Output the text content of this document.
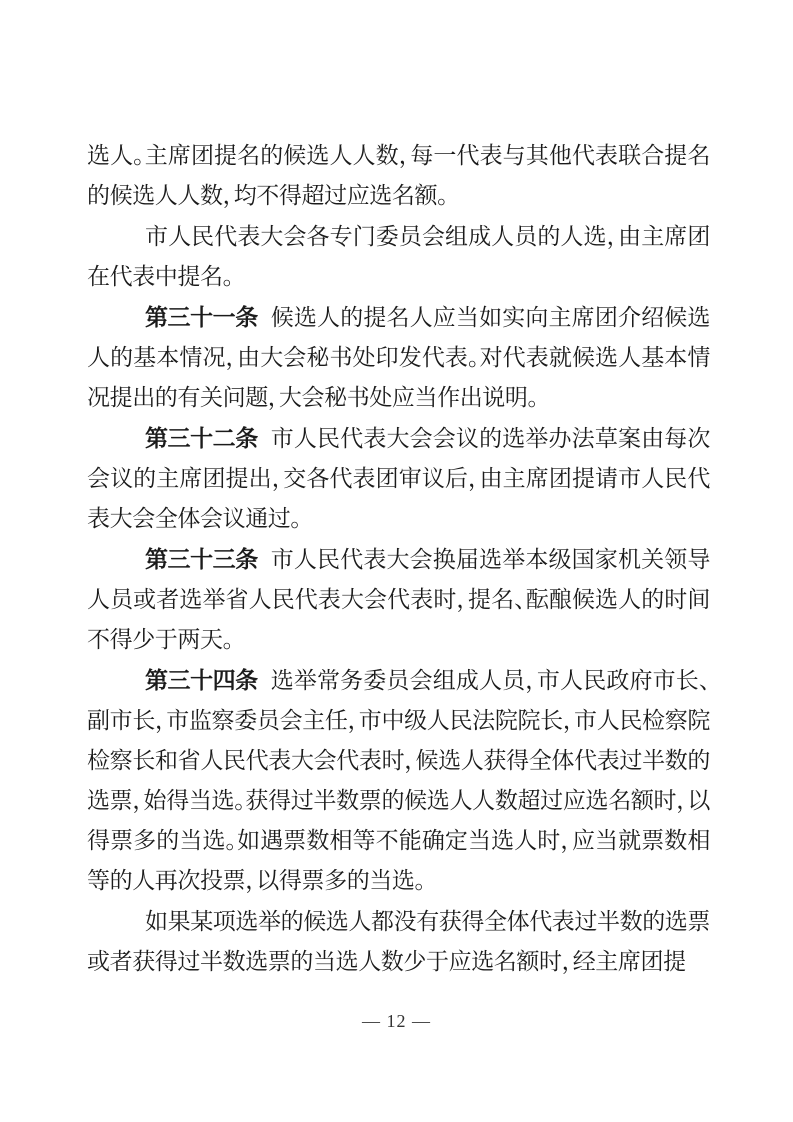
选人。主席团提名的候选人人数，每一代表与其他代表联合提名的候选人人数，均不得超过应选名额。

市人民代表大会各专门委员会组成人员的人选，由主席团在代表中提名。

第三十一条 候选人的提名人应当如实向主席团介绍候选人的基本情况，由大会秘书处印发代表。对代表就候选人基本情况提出的有关问题，大会秘书处应当作出说明。

第三十二条 市人民代表大会会议的选举办法草案由每次会议的主席团提出，交各代表团审议后，由主席团提请市人民代表大会全体会议通过。

第三十三条 市人民代表大会换届选举本级国家机关领导人员或者选举省人民代表大会代表时，提名、酝酿候选人的时间不得少于两天。

第三十四条 选举常务委员会组成人员，市人民政府市长、副市长，市监察委员会主任，市中级人民法院院长，市人民检察院检察长和省人民代表大会代表时，候选人获得全体代表过半数的选票，始得当选。获得过半数票的候选人人数超过应选名额时，以得票多的当选。如遇票数相等不能确定当选人时，应当就票数相等的人再次投票，以得票多的当选。

如果某项选举的候选人都没有获得全体代表过半数的选票或者获得过半数选票的当选人数少于应选名额时，经主席团提

— 12 —
